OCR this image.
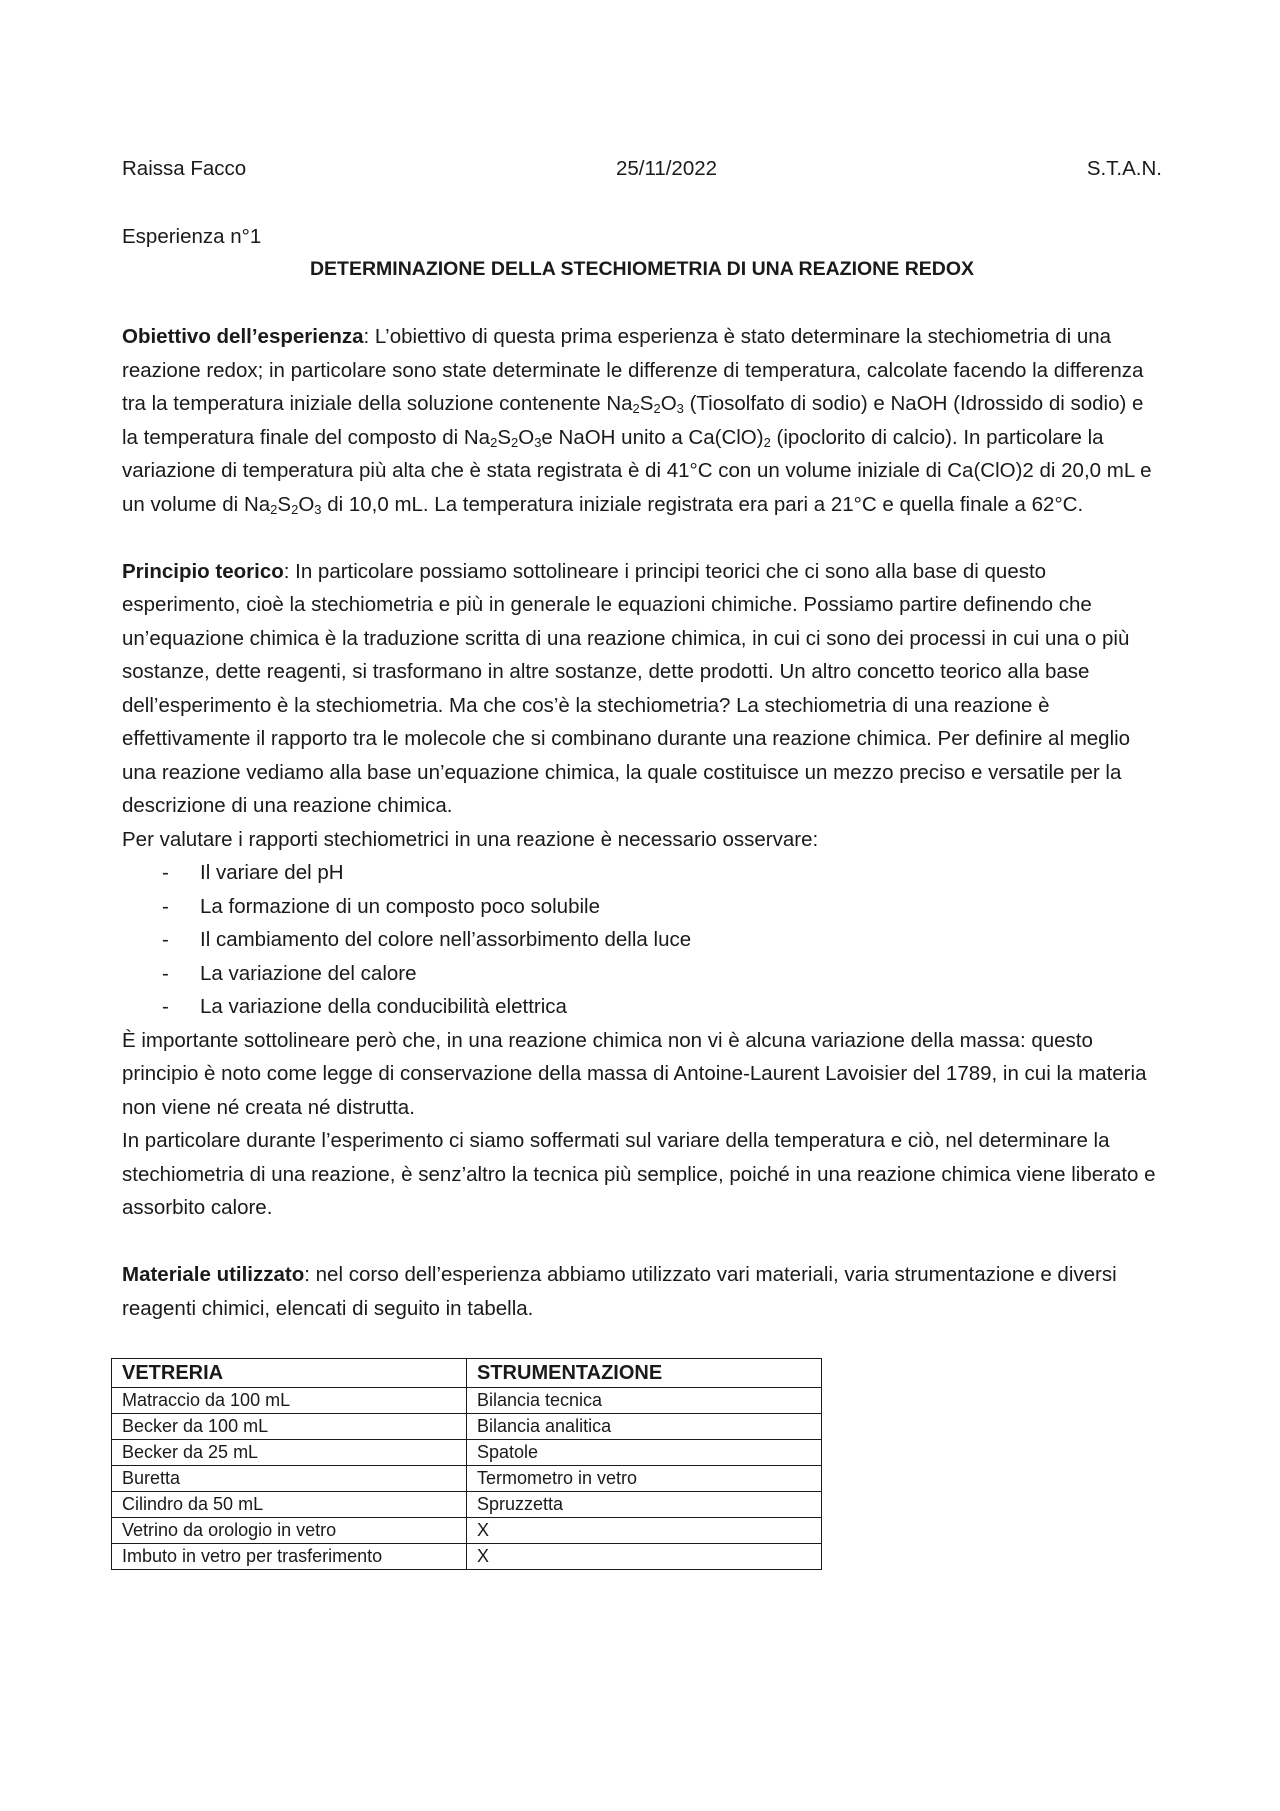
Raissa Facco	25/11/2022	S.T.A.N.

Esperienza n°1

DETERMINAZIONE DELLA STECHIOMETRIA DI UNA REAZIONE REDOX

Obiettivo dell’esperienza: L’obiettivo di questa prima esperienza è stato determinare la stechiometria di una reazione redox; in particolare sono state determinate le differenze di temperatura, calcolate facendo la differenza tra la temperatura iniziale della soluzione contenente $Na_2S_2O_3$ (Tiosolfato di sodio) e NaOH (Idrossido di sodio) e la temperatura finale del composto di $Na_2S_2O_3e$ NaOH unito a $Ca(ClO)_2$ (ipoclorito di calcio). In particolare la variazione di temperatura più alta che è stata registrata è di 41°C con un volume iniziale di Ca(ClO)2 di 20,0 mL e un volume di $Na_2S_2O_3$ di 10,0 mL. La temperatura iniziale registrata era pari a 21°C e quella finale a 62°C.

Principio teorico: In particolare possiamo sottolineare i principi teorici che ci sono alla base di questo esperimento, cioè la stechiometria e più in generale le equazioni chimiche. Possiamo partire definendo che un’equazione chimica è la traduzione scritta di una reazione chimica, in cui ci sono dei processi in cui una o più sostanze, dette reagenti, si trasformano in altre sostanze, dette prodotti. Un altro concetto teorico alla base dell’esperimento è la stechiometria. Ma che cos’è la stechiometria? La stechiometria di una reazione è effettivamente il rapporto tra le molecole che si combinano durante una reazione chimica. Per definire al meglio una reazione vediamo alla base un’equazione chimica, la quale costituisce un mezzo preciso e versatile per la descrizione di una reazione chimica.

Per valutare i rapporti stechiometrici in una reazione è necessario osservare:

-	Il variare del pH
-	La formazione di un composto poco solubile
-	Il cambiamento del colore nell’assorbimento della luce
-	La variazione del calore
-	La variazione della conducibilità elettrica

È importante sottolineare però che, in una reazione chimica non vi è alcuna variazione della massa: questo principio è noto come legge di conservazione della massa di Antoine-Laurent Lavoisier del 1789, in cui la materia non viene né creata né distrutta.

In particolare durante l’esperimento ci siamo soffermati sul variare della temperatura e ciò, nel determinare la stechiometria di una reazione, è senz’altro la tecnica più semplice, poiché in una reazione chimica viene liberato e assorbito calore.

Materiale utilizzato: nel corso dell’esperienza abbiamo utilizzato vari materiali, varia strumentazione e diversi reagenti chimici, elencati di seguito in tabella.

VETRERIA	STRUMENTAZIONE
Matraccio da 100 mL	Bilancia tecnica
Becker da 100 mL	Bilancia analitica
Becker da 25 mL	Spatole
Buretta	Termometro in vetro
Cilindro da 50 mL	Spruzzetta
Vetrino da orologio in vetro	X
Imbuto in vetro per trasferimento	X
